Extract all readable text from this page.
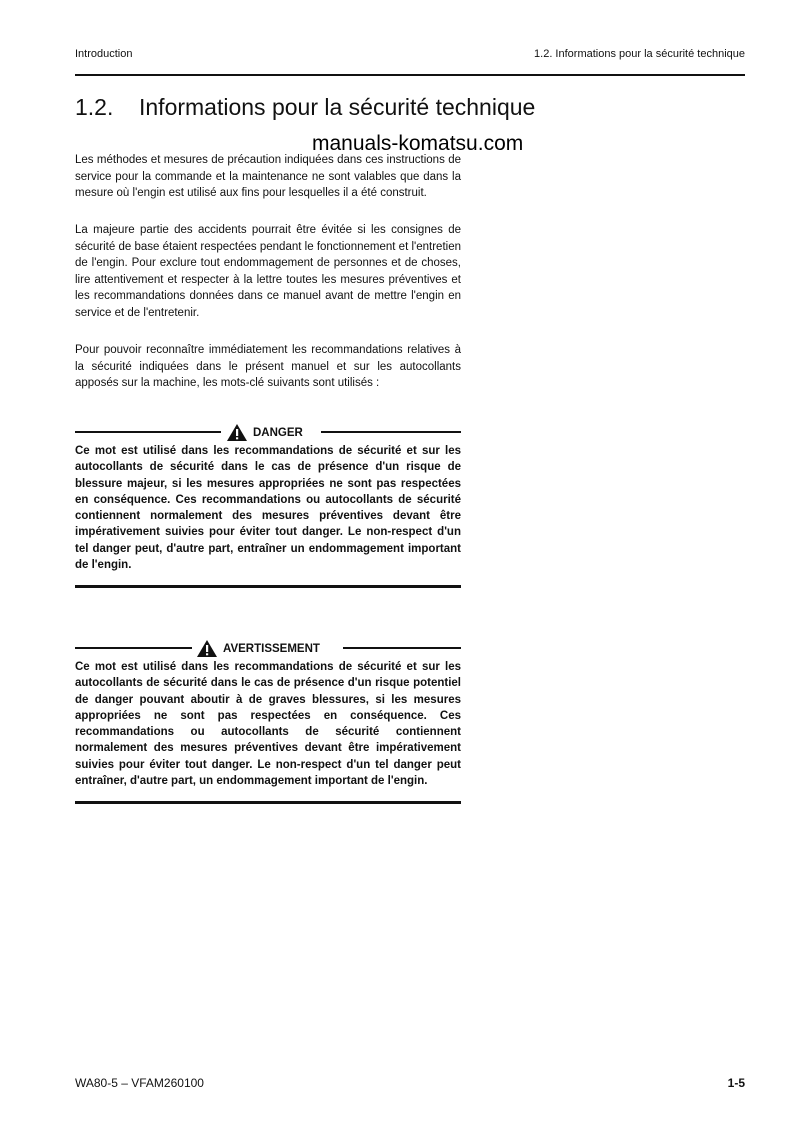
Introduction	1.2. Informations pour la sécurité technique
1.2. Informations pour la sécurité technique
manuals-komatsu.com

Les méthodes et mesures de précaution indiquées dans ces instructions de service pour la commande et la maintenance ne sont valables que dans la mesure où l'engin est utilisé aux fins pour lesquelles il a été construit.

La majeure partie des accidents pourrait être évitée si les consignes de sécurité de base étaient respectées pendant le fonctionnement et l'entretien de l'engin. Pour exclure tout endommagement de personnes et de choses, lire attentivement et respecter à la lettre toutes les mesures préventives et les recommandations données dans ce manuel avant de mettre l'engin en service et de l'entretenir.

Pour pouvoir reconnaître immédiatement les recommandations relatives à la sécurité indiquées dans le présent manuel et sur les autocollants apposés sur la machine, les mots-clé suivants sont utilisés :

DANGER

Ce mot est utilisé dans les recommandations de sécurité et sur les autocollants de sécurité dans le cas de présence d'un risque de blessure majeur, si les mesures appropriées ne sont pas respectées en conséquence. Ces recommandations ou autocollants de sécurité contiennent normalement des mesures préventives devant être impérativement suivies pour éviter tout danger. Le non-respect d'un tel danger peut, d'autre part, entraîner un endommagement important de l'engin.

AVERTISSEMENT

Ce mot est utilisé dans les recommandations de sécurité et sur les autocollants de sécurité dans le cas de présence d'un risque potentiel de danger pouvant aboutir à de graves blessures, si les mesures appropriées ne sont pas respectées en conséquence. Ces recommandations ou autocollants de sécurité contiennent normalement des mesures préventives devant être impérativement suivies pour éviter tout danger. Le non-respect d'un tel danger peut entraîner, d'autre part, un endommagement important de l'engin.

WA80-5 – VFAM260100	1-5
